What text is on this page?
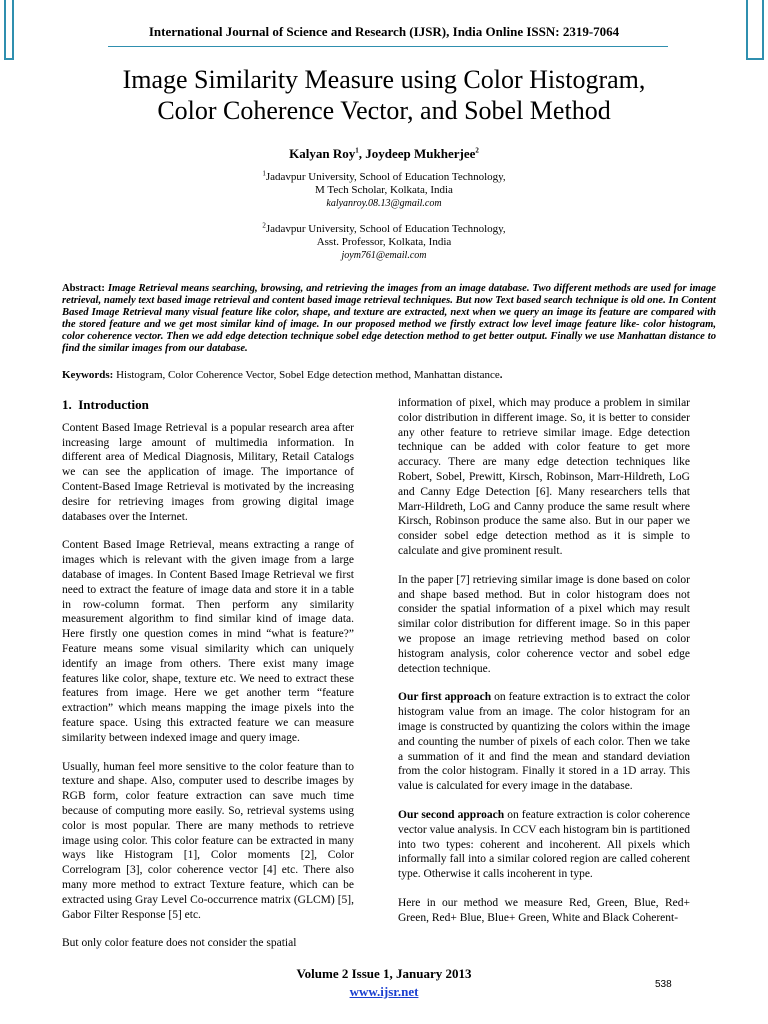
International Journal of Science and Research (IJSR), India Online ISSN: 2319-7064
Image Similarity Measure using Color Histogram,
Color Coherence Vector, and Sobel Method
Kalyan Roy$^1$, Joydeep Mukherjee$^2$
$^1$Jadavpur University, School of Education Technology,
M Tech Scholar, Kolkata, India
kalyanroy.08.13@gmail.com
$^2$Jadavpur University, School of Education Technology,
Asst. Professor, Kolkata, India
joym761@email.com
Abstract: Image Retrieval means searching, browsing, and retrieving the images from an image database. Two different methods are used for image retrieval, namely text based image retrieval and content based image retrieval techniques. But now Text based search technique is old one. In Content Based Image Retrieval many visual feature like color, shape, and texture are extracted, next when we query an image its feature are compared with the stored feature and we get most similar kind of image. In our proposed method we firstly extract low level image feature like- color histogram, color coherence vector. Then we add edge detection technique sobel edge detection method to get better output. Finally we use Manhattan distance to find the similar images from our database.
Keywords: Histogram, Color Coherence Vector, Sobel Edge detection method, Manhattan distance.
1.  Introduction

Content Based Image Retrieval is a popular research area after increasing large amount of multimedia information. In different area of Medical Diagnosis, Military, Retail Catalogs we can see the application of image. The importance of Content-Based Image Retrieval is motivated by the increasing desire for retrieving images from growing digital image databases over the Internet.

Content Based Image Retrieval, means extracting a range of images which is relevant with the given image from a large database of images. In Content Based Image Retrieval we first need to extract the feature of image data and store it in a table in row-column format. Then perform any similarity measurement algorithm to find similar kind of image data. Here firstly one question comes in mind “what is feature?” Feature means some visual similarity which can uniquely identify an image from others. There exist many image features like color, shape, texture etc. We need to extract these features from image. Here we get another term “feature extraction” which means mapping the image pixels into the feature space. Using this extracted feature we can measure similarity between indexed image and query image.

Usually, human feel more sensitive to the color feature than to texture and shape. Also, computer used to describe images by RGB form, color feature extraction can save much time because of computing more easily. So, retrieval systems using color is most popular. There are many methods to retrieve image using color. This color feature can be extracted in many ways like Histogram [1], Color moments [2], Color Correlogram [3], color coherence vector [4] etc. There also many more method to extract Texture feature, which can be extracted using Gray Level Co-occurrence matrix (GLCM) [5], Gabor Filter Response [5] etc.

But only color feature does not consider the spatial

information of pixel, which may produce a problem in similar color distribution in different image. So, it is better to consider any other feature to retrieve similar image. Edge detection technique can be added with color feature to get more accuracy. There are many edge detection techniques like Robert, Sobel, Prewitt, Kirsch, Robinson, Marr-Hildreth, LoG and Canny Edge Detection [6]. Many researchers tells that Marr-Hildreth, LoG and Canny produce the same result where Kirsch, Robinson produce the same also. But in our paper we consider sobel edge detection method as it is simple to calculate and give prominent result.

In the paper [7] retrieving similar image is done based on color and shape based method. But in color histogram does not consider the spatial information of a pixel which may result similar color distribution for different image. So in this paper we propose an image retrieving method based on color histogram analysis, color coherence vector and sobel edge detection technique.

Our first approach on feature extraction is to extract the color histogram value from an image. The color histogram for an image is constructed by quantizing the colors within the image and counting the number of pixels of each color. Then we take a summation of it and find the mean and standard deviation from the color histogram. Finally it stored in a 1D array. This value is calculated for every image in the database.

Our second approach on feature extraction is color coherence vector value analysis. In CCV each histogram bin is partitioned into two types: coherent and incoherent. All pixels which informally fall into a similar colored region are called coherent type. Otherwise it calls incoherent in type.

Here in our method we measure Red, Green, Blue, Red+ Green, Red+ Blue, Blue+ Green, White and Black Coherent-

Volume 2 Issue 1, January 2013
www.ijsr.net	538
